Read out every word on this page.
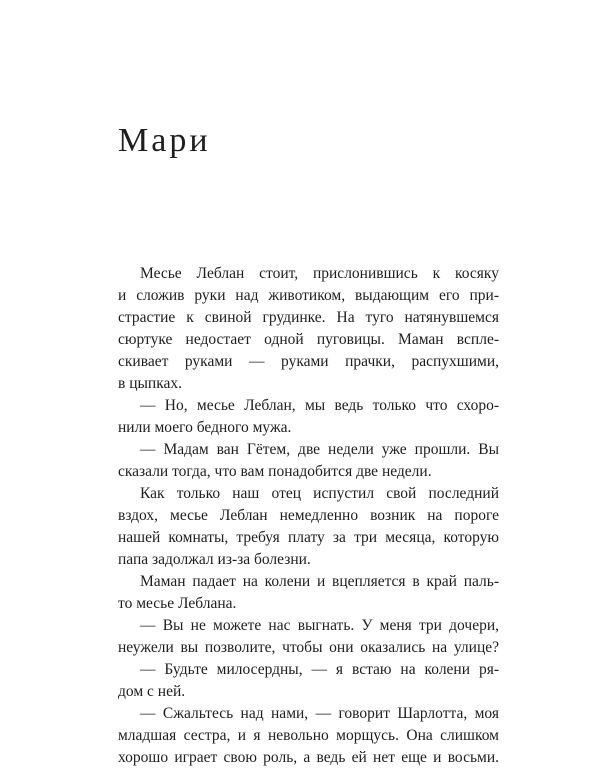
Мари
Месье Леблан стоит, прислонившись к косяку
и сложив руки над животиком, выдающим его при-
страстие к свиной грудинке. На туго натянувшемся
сюртуке недостает одной пуговицы. Маман вспле-
скивает руками — руками прачки, распухшими,
в цыпках.
— Но, месье Леблан, мы ведь только что схоро-
нили моего бедного мужа.
— Мадам ван Гётем, две недели уже прошли. Вы
сказали тогда, что вам понадобится две недели.
Как только наш отец испустил свой последний
вздох, месье Леблан немедленно возник на пороге
нашей комнаты, требуя плату за три месяца, которую
папа задолжал из-за болезни.
Маман падает на колени и вцепляется в край паль-
то месье Леблана.
— Вы не можете нас выгнать. У меня три дочери,
неужели вы позволите, чтобы они оказались на улице?
— Будьте милосердны, — я встаю на колени ря-
дом с ней.
— Сжальтесь над нами, — говорит Шарлотта, моя
младшая сестра, и я невольно морщусь. Она слишком
хорошо играет свою роль, а ведь ей нет еще и восьми.
